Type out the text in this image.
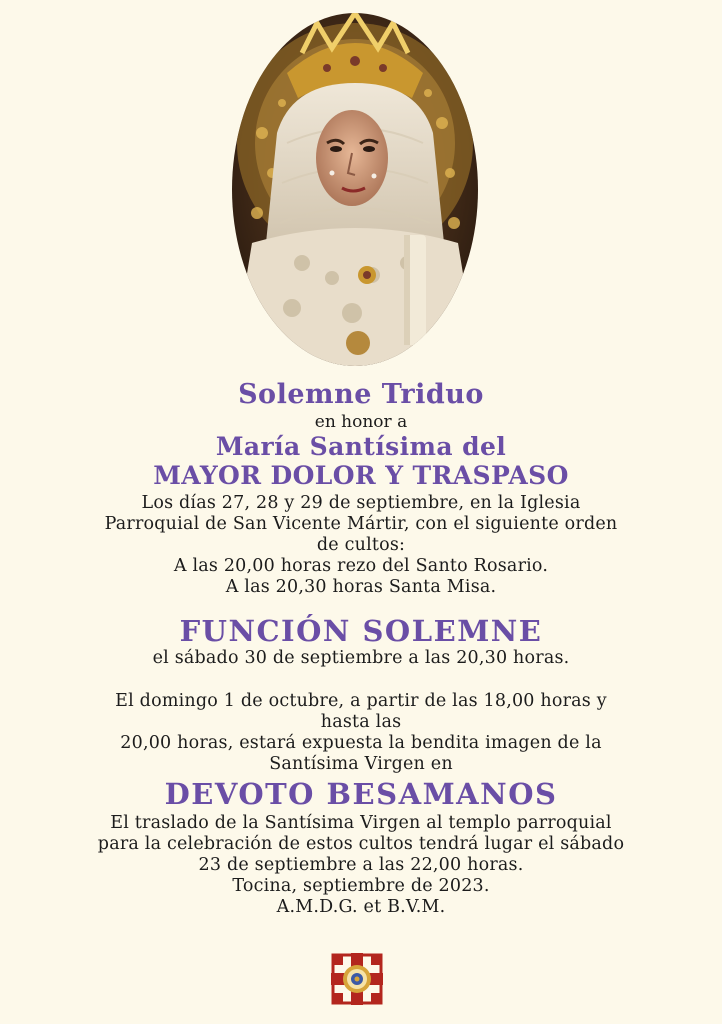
Solemne Triduo
en honor a
María Santísima del
MAYOR DOLOR Y TRASPASO
Los días 27, 28 y 29 de septiembre, en la Iglesia
Parroquial de San Vicente Mártir, con el siguiente orden
de cultos:
A las 20,00 horas rezo del Santo Rosario.
A las 20,30 horas Santa Misa.
FUNCIÓN SOLEMNE
el sábado 30 de septiembre a las 20,30 horas.
El domingo 1 de octubre, a partir de las 18,00 horas y
hasta las
20,00 horas, estará expuesta la bendita imagen de la
Santísima Virgen en
DEVOTO BESAMANOS
El traslado de la Santísima Virgen al templo parroquial
para la celebración de estos cultos tendrá lugar el sábado
23 de septiembre a las 22,00 horas.
Tocina, septiembre de 2023.
A.M.D.G. et B.V.M.
